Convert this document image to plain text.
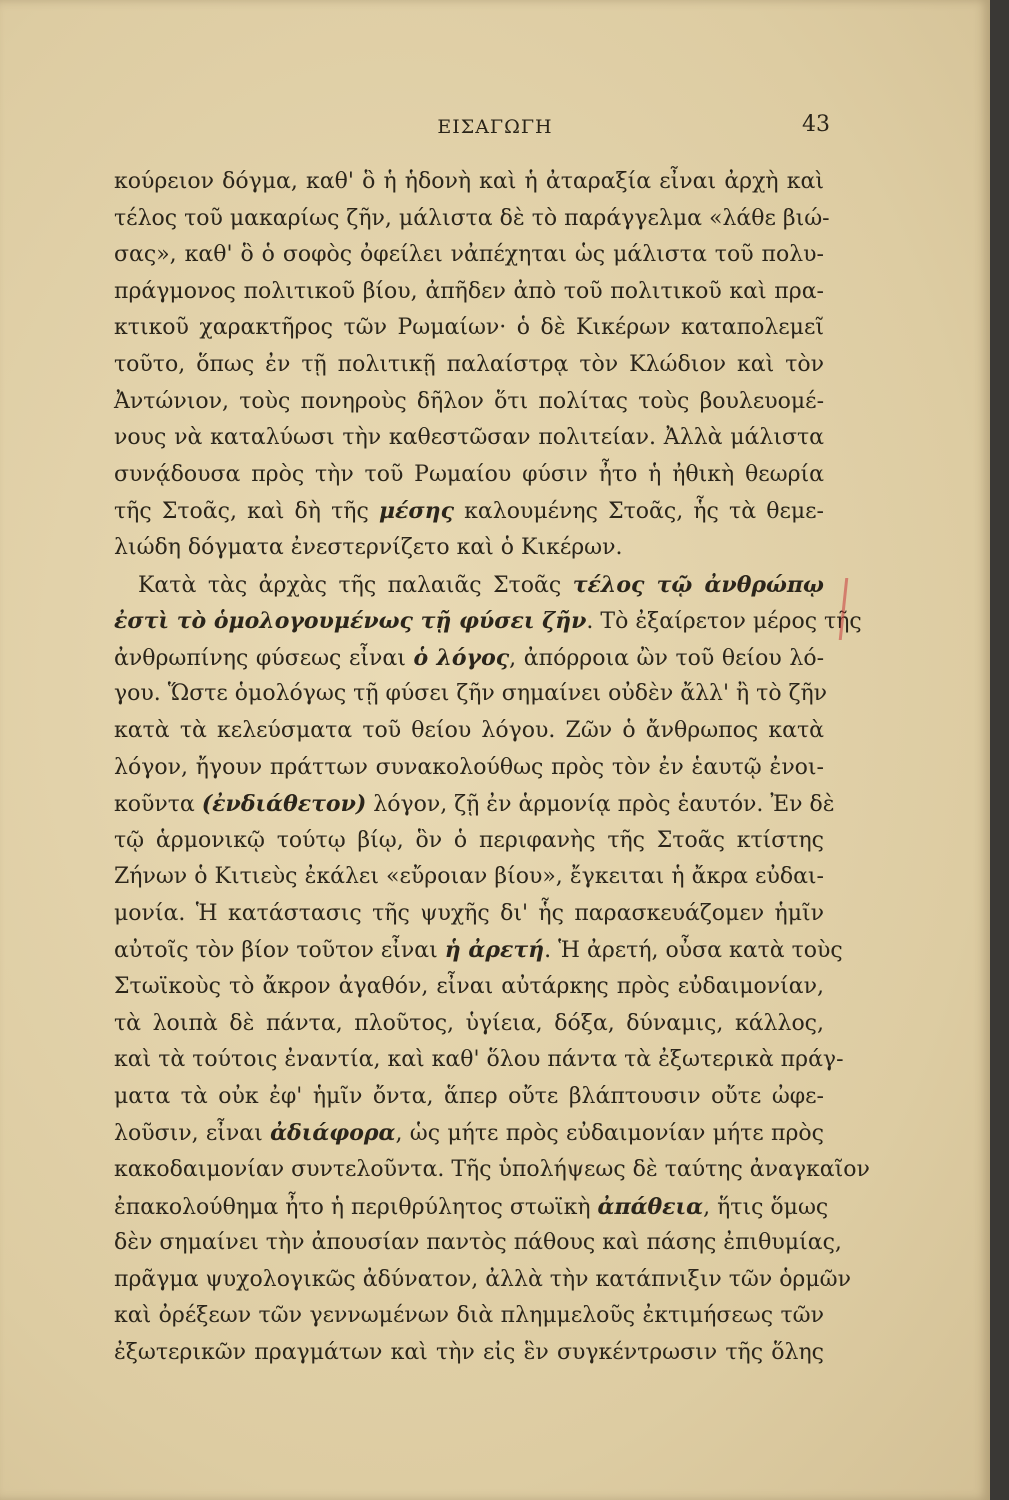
ΕΙΣΑΓΩΓΗ	43
κούρειον δόγμα, καθ' ὃ ἡ ἡδονὴ καὶ ἡ ἀταραξία εἶναι ἀρχὴ καὶ
τέλος τοῦ μακαρίως ζῆν, μάλιστα δὲ τὸ παράγγελμα «λάθε βιώ-
σας», καθ' ὃ ὁ σοφὸς ὀφείλει νἀπέχηται ὡς μάλιστα τοῦ πολυ-
πράγμονος πολιτικοῦ βίου, ἀπῆδεν ἀπὸ τοῦ πολιτικοῦ καὶ πρα-
κτικοῦ χαρακτῆρος τῶν Ρωμαίων· ὁ δὲ Κικέρων καταπολεμεῖ
τοῦτο, ὅπως ἐν τῇ πολιτικῇ παλαίστρᾳ τὸν Κλώδιον καὶ τὸν
Ἀντώνιον, τοὺς πονηροὺς δῆλον ὅτι πολίτας τοὺς βουλευομέ-
νους νὰ καταλύωσι τὴν καθεστῶσαν πολιτείαν. Ἀλλὰ μάλιστα
συνᾴδουσα πρὸς τὴν τοῦ Ρωμαίου φύσιν ἦτο ἡ ἠθικὴ θεωρία
τῆς Στοᾶς, καὶ δὴ τῆς μέσης καλουμένης Στοᾶς, ἧς τὰ θεμε-
λιώδη δόγματα ἐνεστερνίζετο καὶ ὁ Κικέρων.
Κατὰ τὰς ἀρχὰς τῆς παλαιᾶς Στοᾶς τέλος τῷ ἀνθρώπῳ
ἐστὶ τὸ ὁμολογουμένως τῇ φύσει ζῆν. Τὸ ἐξαίρετον μέρος τῆς
ἀνθρωπίνης φύσεως εἶναι ὁ λόγος, ἀπόρροια ὢν τοῦ θείου λό-
γου. Ὥστε ὁμολόγως τῇ φύσει ζῆν σημαίνει οὐδὲν ἄλλ' ἢ τὸ ζῆν
κατὰ τὰ κελεύσματα τοῦ θείου λόγου. Ζῶν ὁ ἄνθρωπος κατὰ
λόγον, ἤγουν πράττων συνακολούθως πρὸς τὸν ἐν ἑαυτῷ ἐνοι-
κοῦντα (ἐνδιάθετον) λόγον, ζῇ ἐν ἁρμονίᾳ πρὸς ἑαυτόν. Ἐν δὲ
τῷ ἁρμονικῷ τούτῳ βίῳ, ὃν ὁ περιφανὴς τῆς Στοᾶς κτίστης
Ζήνων ὁ Κιτιεὺς ἐκάλει «εὔροιαν βίου», ἔγκειται ἡ ἄκρα εὐδαι-
μονία. Ἡ κατάστασις τῆς ψυχῆς δι' ἧς παρασκευάζομεν ἡμῖν
αὐτοῖς τὸν βίον τοῦτον εἶναι ἡ ἀρετή. Ἡ ἀρετή, οὖσα κατὰ τοὺς
Στωϊκοὺς τὸ ἄκρον ἀγαθόν, εἶναι αὐτάρκης πρὸς εὐδαιμονίαν,
τὰ λοιπὰ δὲ πάντα, πλοῦτος, ὑγίεια, δόξα, δύναμις, κάλλος,
καὶ τὰ τούτοις ἐναντία, καὶ καθ' ὅλου πάντα τὰ ἐξωτερικὰ πράγ-
ματα τὰ οὐκ ἐφ' ἡμῖν ὄντα, ἅπερ οὔτε βλάπτουσιν οὔτε ὠφε-
λοῦσιν, εἶναι ἀδιάφορα, ὡς μήτε πρὸς εὐδαιμονίαν μήτε πρὸς
κακοδαιμονίαν συντελοῦντα. Τῆς ὑπολήψεως δὲ ταύτης ἀναγκαῖον
ἐπακολούθημα ἦτο ἡ περιθρύλητος στωϊκὴ ἀπάθεια, ἥτις ὅμως
δὲν σημαίνει τὴν ἀπουσίαν παντὸς πάθους καὶ πάσης ἐπιθυμίας,
πρᾶγμα ψυχολογικῶς ἀδύνατον, ἀλλὰ τὴν κατάπνιξιν τῶν ὁρμῶν
καὶ ὀρέξεων τῶν γεννωμένων διὰ πλημμελοῦς ἐκτιμήσεως τῶν
ἐξωτερικῶν πραγμάτων καὶ τὴν εἰς ἓν συγκέντρωσιν τῆς ὅλης
